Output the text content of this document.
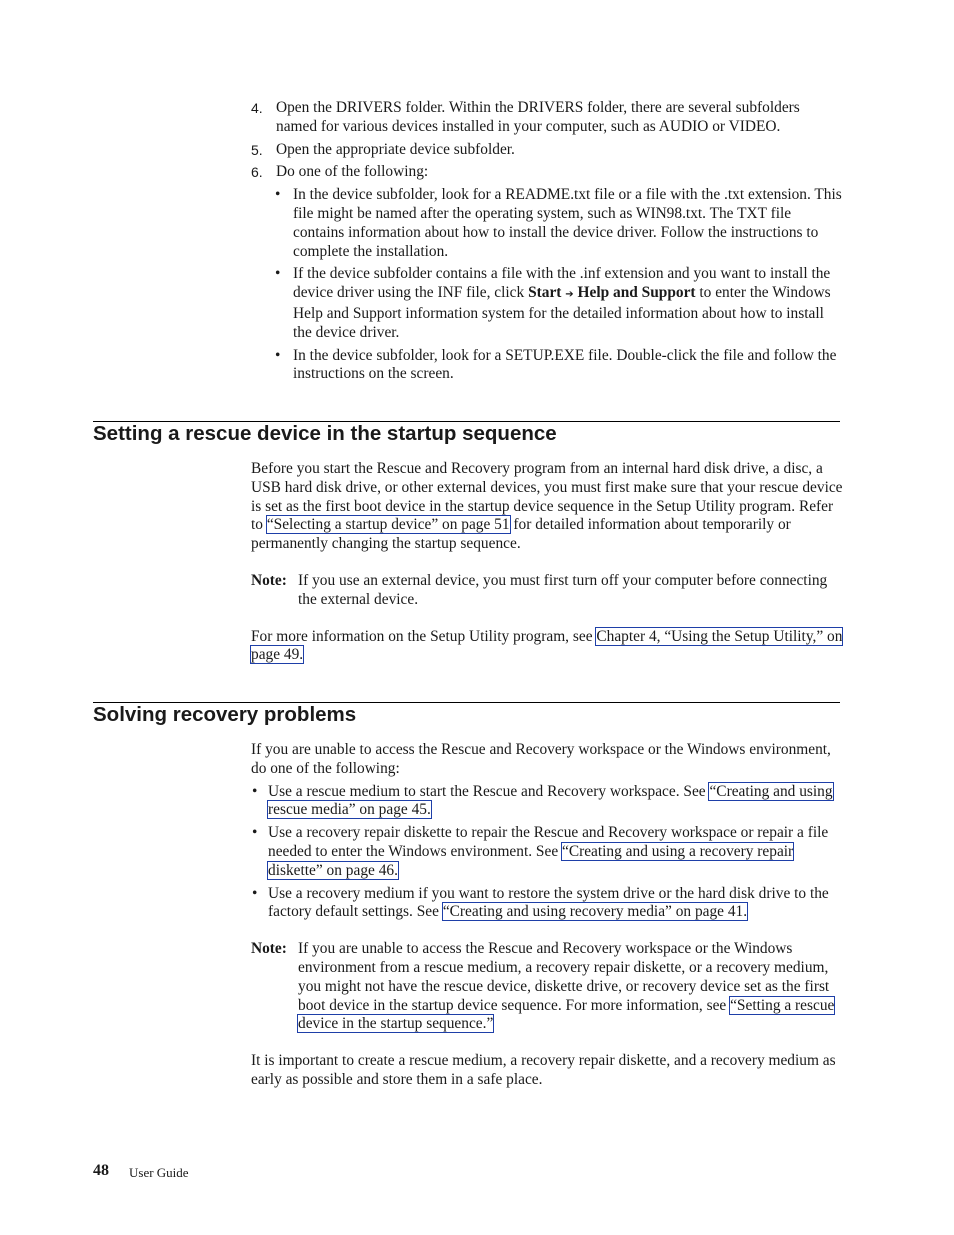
4. Open the DRIVERS folder. Within the DRIVERS folder, there are several subfolders named for various devices installed in your computer, such as AUDIO or VIDEO.

5. Open the appropriate device subfolder.

6. Do one of the following:

• In the device subfolder, look for a README.txt file or a file with the .txt extension. This file might be named after the operating system, such as WIN98.txt. The TXT file contains information about how to install the device driver. Follow the instructions to complete the installation.

• If the device subfolder contains a file with the .inf extension and you want to install the device driver using the INF file, click Start ➔ Help and Support to enter the Windows Help and Support information system for the detailed information about how to install the device driver.

• In the device subfolder, look for a SETUP.EXE file. Double-click the file and follow the instructions on the screen.

Setting a rescue device in the startup sequence

Before you start the Rescue and Recovery program from an internal hard disk drive, a disc, a USB hard disk drive, or other external devices, you must first make sure that your rescue device is set as the first boot device in the startup device sequence in the Setup Utility program. Refer to “Selecting a startup device” on page 51 for detailed information about temporarily or permanently changing the startup sequence.

Note: If you use an external device, you must first turn off your computer before connecting the external device.

For more information on the Setup Utility program, see Chapter 4, “Using the Setup Utility,” on page 49.

Solving recovery problems

If you are unable to access the Rescue and Recovery workspace or the Windows environment, do one of the following:

• Use a rescue medium to start the Rescue and Recovery workspace. See “Creating and using rescue media” on page 45.

• Use a recovery repair diskette to repair the Rescue and Recovery workspace or repair a file needed to enter the Windows environment. See “Creating and using a recovery repair diskette” on page 46.

• Use a recovery medium if you want to restore the system drive or the hard disk drive to the factory default settings. See “Creating and using recovery media” on page 41.

Note: If you are unable to access the Rescue and Recovery workspace or the Windows environment from a rescue medium, a recovery repair diskette, or a recovery medium, you might not have the rescue device, diskette drive, or recovery device set as the first boot device in the startup device sequence. For more information, see “Setting a rescue device in the startup sequence.”

It is important to create a rescue medium, a recovery repair diskette, and a recovery medium as early as possible and store them in a safe place.

48 User Guide
